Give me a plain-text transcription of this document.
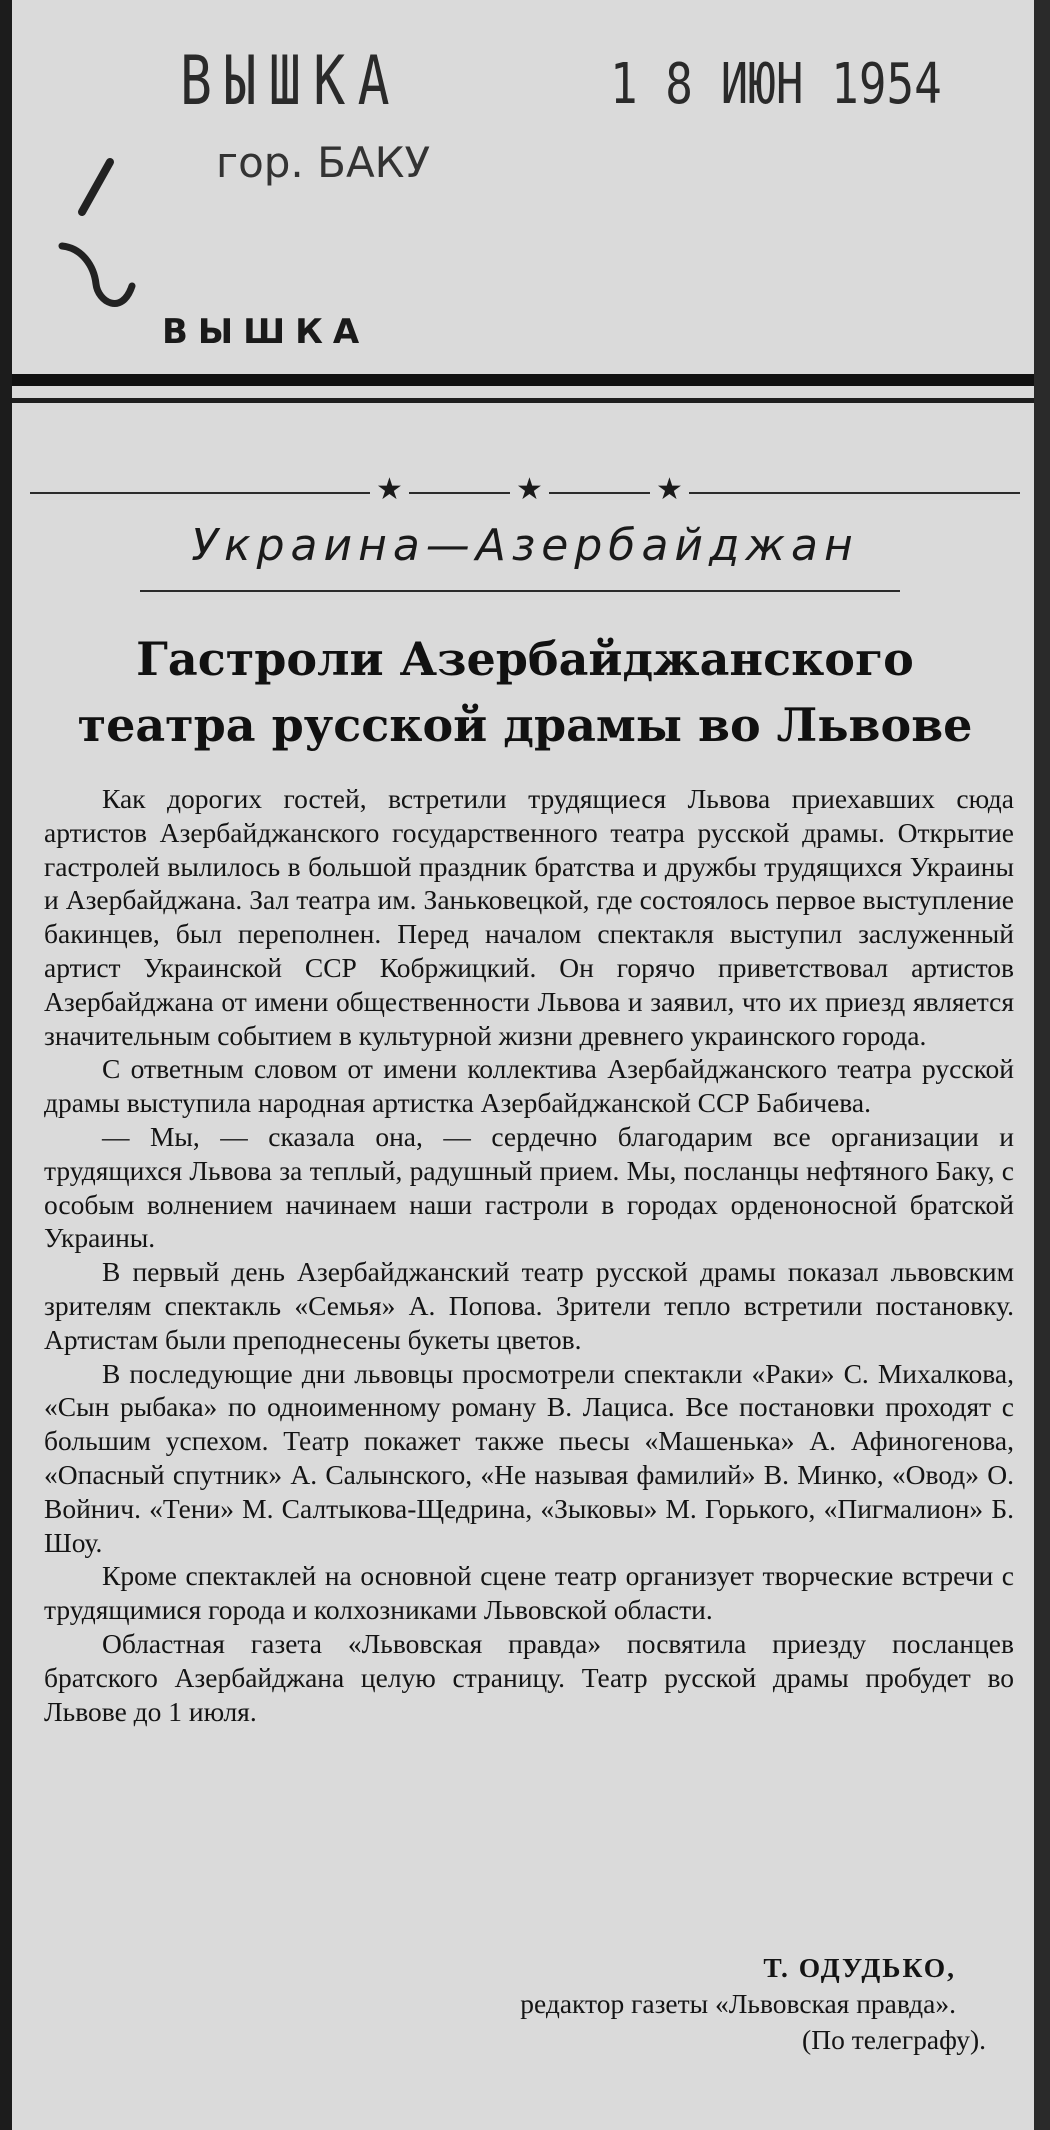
ВЫШКА	1 8 ИЮН 1954
гор. БАКУ
ВЫШКА
★	★	★
Украина—Азербайджан
Гастроли Азербайджанского театра русской драмы во Львове

Как дорогих гостей, встретили трудящиеся Львова приехавших сюда артистов Азербайджанского государственного театра русской драмы. Открытие гастролей вылилось в большой праздник братства и дружбы трудящихся Украины и Азербайджана. Зал театра им. Заньковецкой, где состоялось первое выступление бакинцев, был переполнен. Перед началом спектакля выступил заслуженный артист Украинской ССР Кобржицкий. Он горячо приветствовал артистов Азербайджана от имени общественности Львова и заявил, что их приезд является значительным событием в культурной жизни древнего украинского города.

С ответным словом от имени коллектива Азербайджанского театра русской драмы выступила народная артистка Азербайджанской ССР Бабичева.

— Мы, — сказала она, — сердечно благодарим все организации и трудящихся Львова за теплый, радушный прием. Мы, посланцы нефтяного Баку, с особым волнением начинаем наши гастроли в городах орденоносной братской Украины.

В первый день Азербайджанский театр русской драмы показал львовским зрителям спектакль «Семья» А. Попова. Зрители тепло встретили постановку. Артистам были преподнесены букеты цветов.

В последующие дни львовцы просмотрели спектакли «Раки» С. Михалкова, «Сын рыбака» по одноименному роману В. Лациса. Все постановки проходят с большим успехом. Театр покажет также пьесы «Машенька» А. Афиногенова, «Опасный спутник» А. Салынского, «Не называя фамилий» В. Минко, «Овод» О. Войнич. «Тени» М. Салтыкова-Щедрина, «Зыковы» М. Горького, «Пигмалион» Б. Шоу.

Кроме спектаклей на основной сцене театр организует творческие встречи с трудящимися города и колхозниками Львовской области.

Областная газета «Львовская правда» посвятила приезду посланцев братского Азербайджана целую страницу. Театр русской драмы пробудет во Львове до 1 июля.

Т. ОДУДЬКО,
редактор газеты «Львовская правда».
(По телеграфу).
